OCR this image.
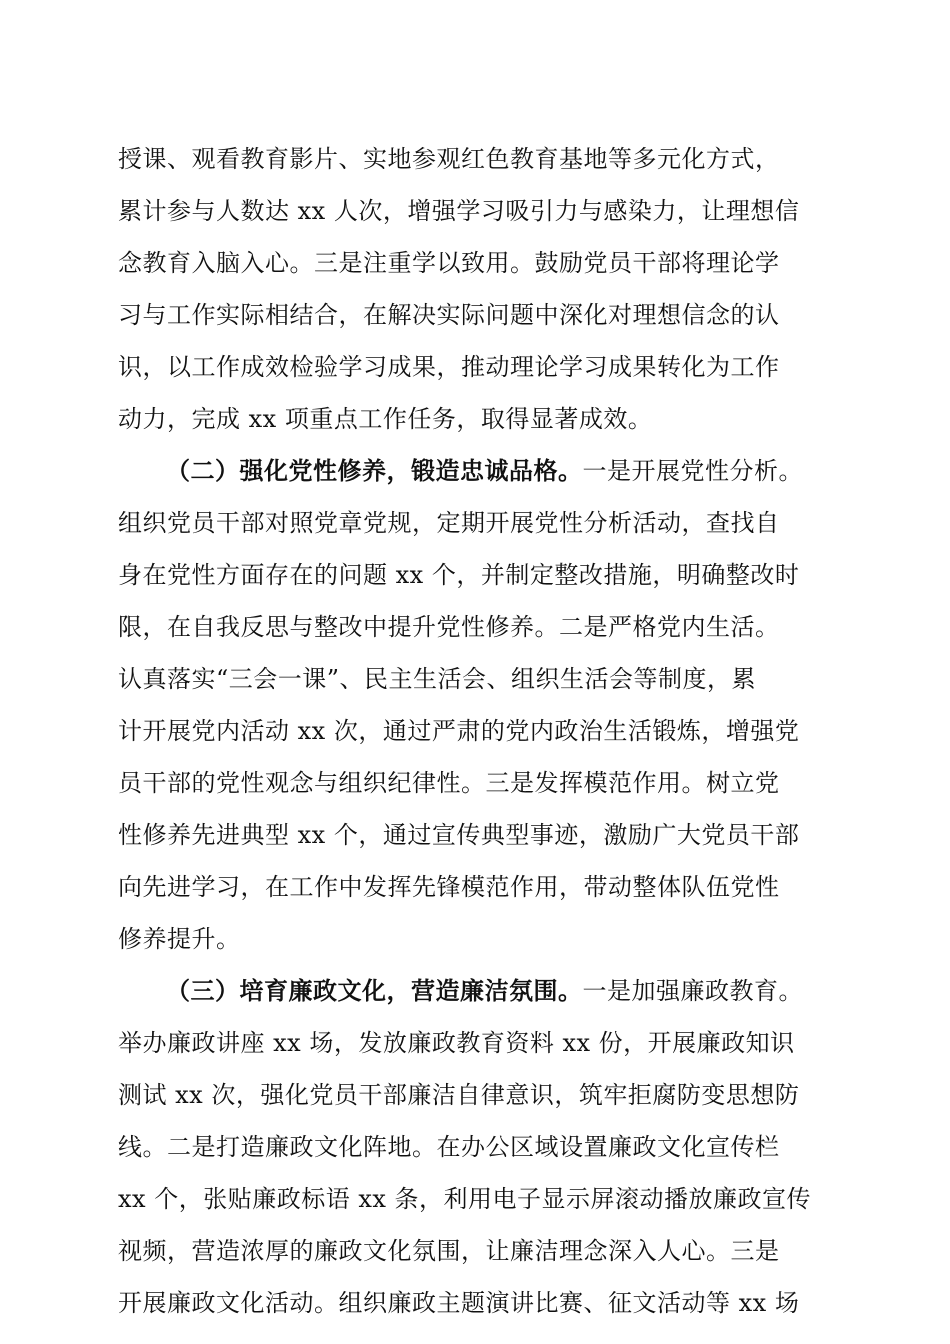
授课、观看教育影片、实地参观红色教育基地等多元化方式，
累计参与人数达 xx 人次，增强学习吸引力与感染力，让理想信
念教育入脑入心。三是注重学以致用。鼓励党员干部将理论学
习与工作实际相结合，在解决实际问题中深化对理想信念的认
识，以工作成效检验学习成果，推动理论学习成果转化为工作
动力，完成 xx 项重点工作任务，取得显著成效。
（二）强化党性修养，锻造忠诚品格。一是开展党性分析。
组织党员干部对照党章党规，定期开展党性分析活动，查找自
身在党性方面存在的问题 xx 个，并制定整改措施，明确整改时
限，在自我反思与整改中提升党性修养。二是严格党内生活。
认真落实“三会一课”、民主生活会、组织生活会等制度，累
计开展党内活动 xx 次，通过严肃的党内政治生活锻炼，增强党
员干部的党性观念与组织纪律性。三是发挥模范作用。树立党
性修养先进典型 xx 个，通过宣传典型事迹，激励广大党员干部
向先进学习，在工作中发挥先锋模范作用，带动整体队伍党性
修养提升。
（三）培育廉政文化，营造廉洁氛围。一是加强廉政教育。
举办廉政讲座 xx 场，发放廉政教育资料 xx 份，开展廉政知识
测试 xx 次，强化党员干部廉洁自律意识，筑牢拒腐防变思想防
线。二是打造廉政文化阵地。在办公区域设置廉政文化宣传栏
xx 个，张贴廉政标语 xx 条，利用电子显示屏滚动播放廉政宣传
视频，营造浓厚的廉政文化氛围，让廉洁理念深入人心。三是
开展廉政文化活动。组织廉政主题演讲比赛、征文活动等 xx 场
